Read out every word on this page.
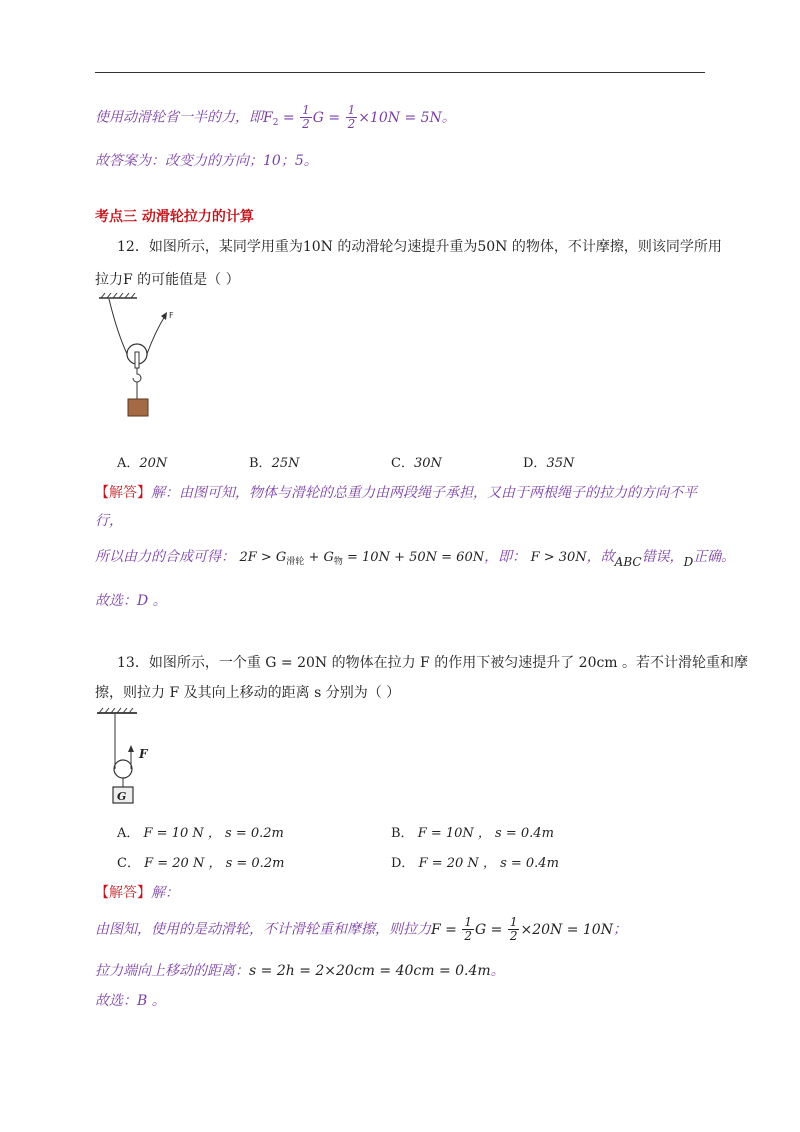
使用动滑轮省一半的力，即$F_2 = \frac{1}{2}$ $G = \frac{1}{2} \times 10N = 5N$。
故答案为：改变力的方向；10；5。
考点三 动滑轮拉力的计算
12．如图所示，某同学用重为10N 的动滑轮匀速提升重为50N 的物体，不计摩擦，则该同学所用
拉力F 的可能值是（ ）
F
A．20N	B．25N	C．30N	D．35N
【解答】解：由图可知，物体与滑轮的总重力由两段绳子承担，又由于两根绳子的拉力的方向不平
行，
所以由力的合成可得： $2F > G_{滑轮} + G_物 = 10N + 50N = 60N$，即： F > 30N，故ABC错误，D正确。
故选：D 。
13．如图所示，一个重 G = 20N 的物体在拉力 F 的作用下被匀速提升了 20cm 。若不计滑轮重和摩
擦，则拉力 F 及其向上移动的距离 s 分别为（ ）
F
G
A． F = 10 N ， s = 0.2m	B． F = 10N ， s = 0.4m
C． F = 20 N ， s = 0.2m	D． F = 20 N ， s = 0.4m
【解答】解：
由图知，使用的是动滑轮，不计滑轮重和摩擦，则拉力$F = \frac{1}{2}$ $G = \frac{1}{2} \times 20N = 10N$；
拉力端向上移动的距离：s = 2h = 2×20cm = 40cm = 0.4m。
故选：B 。
